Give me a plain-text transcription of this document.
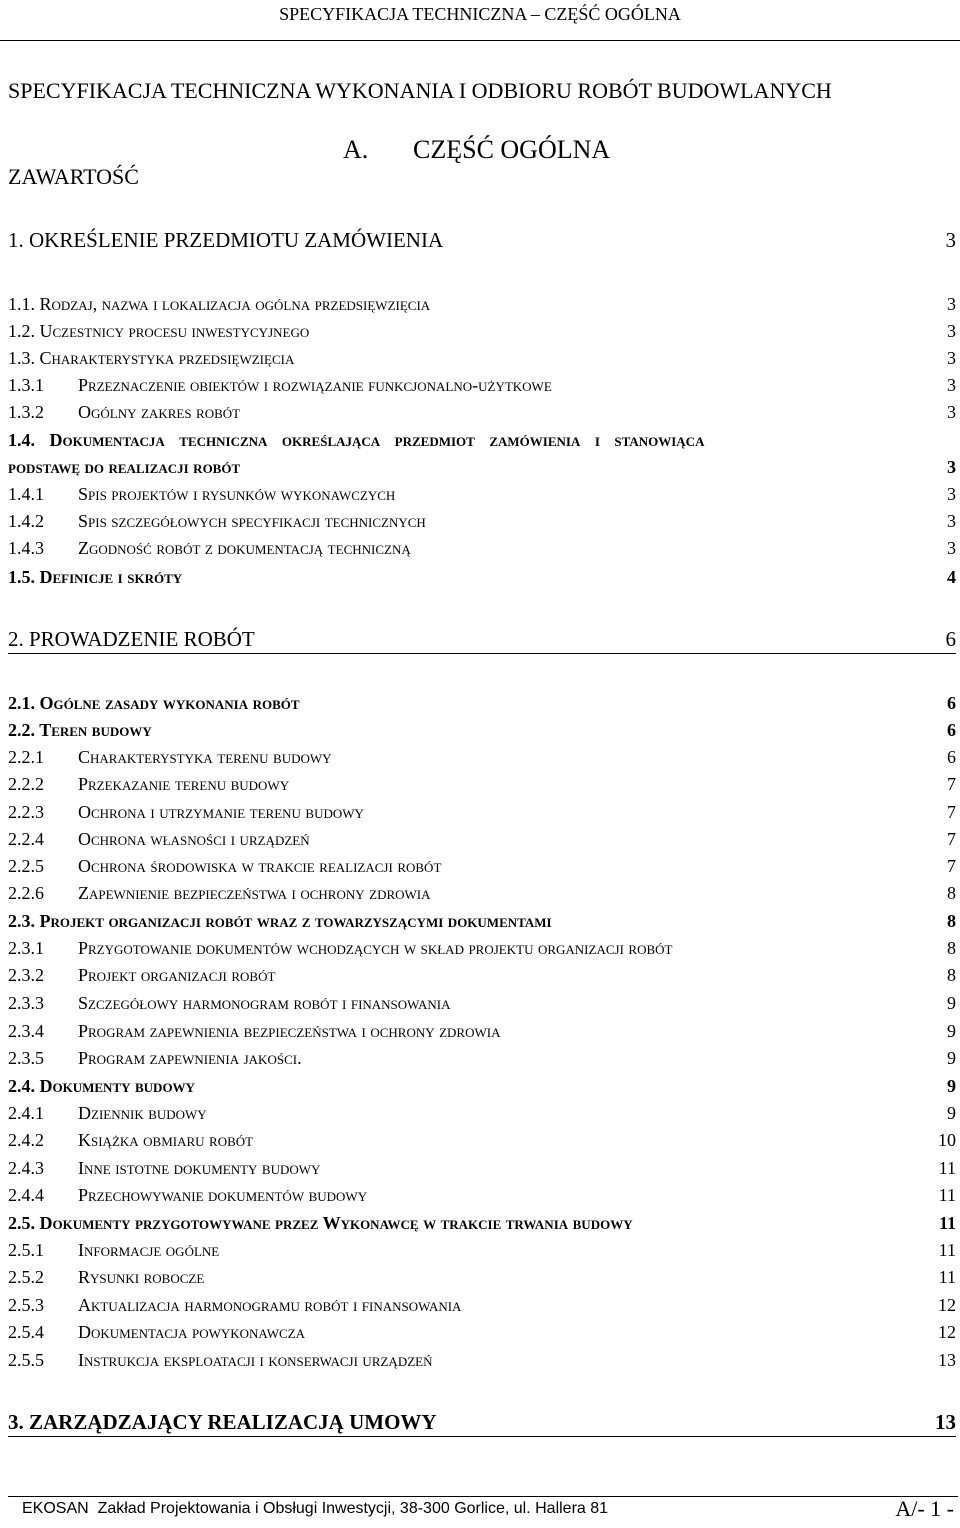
SPECYFIKACJA TECHNICZNA – CZĘŚĆ OGÓLNA
SPECYFIKACJA TECHNICZNA WYKONANIA I ODBIORU ROBÓT BUDOWLANYCH
A. CZĘŚĆ OGÓLNA
ZAWARTOŚĆ
1. OKREŚLENIE PRZEDMIOTU ZAMÓWIENIA	3
1.1. Rodzaj, nazwa i lokalizacja ogólna przedsięwzięcia	3
1.2. Uczestnicy procesu inwestycyjnego	3
1.3. Charakterystyka przedsięwzięcia	3
1.3.1 Przeznaczenie obiektów i rozwiązanie funkcjonalno-użytkowe	3
1.3.2 Ogólny zakres robót	3
1.4. Dokumentacja techniczna określająca przedmiot zamówienia i stanowiąca
podstawę do realizacji robót	3
1.4.1 Spis projektów i rysunków wykonawczych	3
1.4.2 Spis szczegółowych specyfikacji technicznych	3
1.4.3 Zgodność robót z dokumentacją techniczną	3
1.5. Definicje i skróty	4
2. PROWADZENIE ROBÓT	6
2.1. Ogólne zasady wykonania robót	6
2.2. Teren budowy	6
2.2.1 Charakterystyka terenu budowy	6
2.2.2 Przekazanie terenu budowy	7
2.2.3 Ochrona i utrzymanie terenu budowy	7
2.2.4 Ochrona własności i urządzeń	7
2.2.5 Ochrona środowiska w trakcie realizacji robót	7
2.2.6 Zapewnienie bezpieczeństwa i ochrony zdrowia	8
2.3. Projekt organizacji robót wraz z towarzyszącymi dokumentami	8
2.3.1 Przygotowanie dokumentów wchodzących w skład projektu organizacji robót	8
2.3.2 Projekt organizacji robót	8
2.3.3 Szczegółowy harmonogram robót i finansowania	9
2.3.4 Program zapewnienia bezpieczeństwa i ochrony zdrowia	9
2.3.5 Program zapewnienia jakości.	9
2.4. Dokumenty budowy	9
2.4.1 Dziennik budowy	9
2.4.2 Książka obmiaru robót	10
2.4.3 Inne istotne dokumenty budowy	11
2.4.4 Przechowywanie dokumentów budowy	11
2.5. Dokumenty przygotowywane przez Wykonawcę w trakcie trwania budowy	11
2.5.1 Informacje ogólne	11
2.5.2 Rysunki robocze	11
2.5.3 Aktualizacja harmonogramu robót i finansowania	12
2.5.4 Dokumentacja powykonawcza	12
2.5.5 Instrukcja eksploatacji i konserwacji urządzeń	13
3. ZARZĄDZAJĄCY REALIZACJĄ UMOWY	13
EKOSAN Zakład Projektowania i Obsługi Inwestycji, 38-300 Gorlice, ul. Hallera 81	A/- 1 -
